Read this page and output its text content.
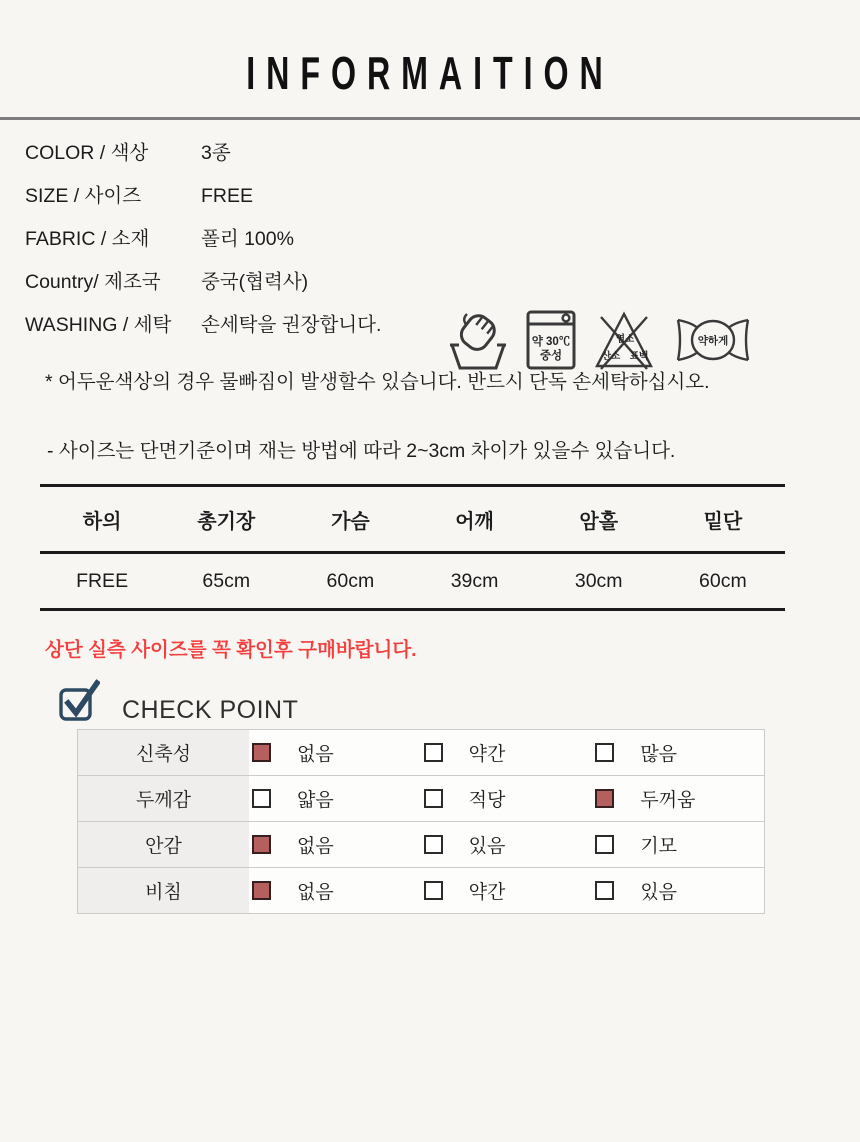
INFORMAITION
COLOR / 색상	3종
SIZE / 사이즈	FREE
FABRIC / 소재	폴리 100%
Country/ 제조국	중국(협력사)
WASHING / 세탁	손세탁을 권장합니다.
약 30℃
중성
염소
산소 표백
약하게
* 어두운색상의 경우 물빠짐이 발생할수 있습니다. 반드시 단독 손세탁하십시오.
- 사이즈는 단면기준이며 재는 방법에 따라 2~3cm 차이가 있을수 있습니다.
하의	총기장	가슴	어깨	암홀	밑단
FREE	65cm	60cm	39cm	30cm	60cm
상단 실측 사이즈를 꼭 확인후 구매바랍니다.
CHECK POINT
신축성	없음	약간	많음
두께감	얇음	적당	두꺼움
안감	없음	있음	기모
비침	없음	약간	있음
